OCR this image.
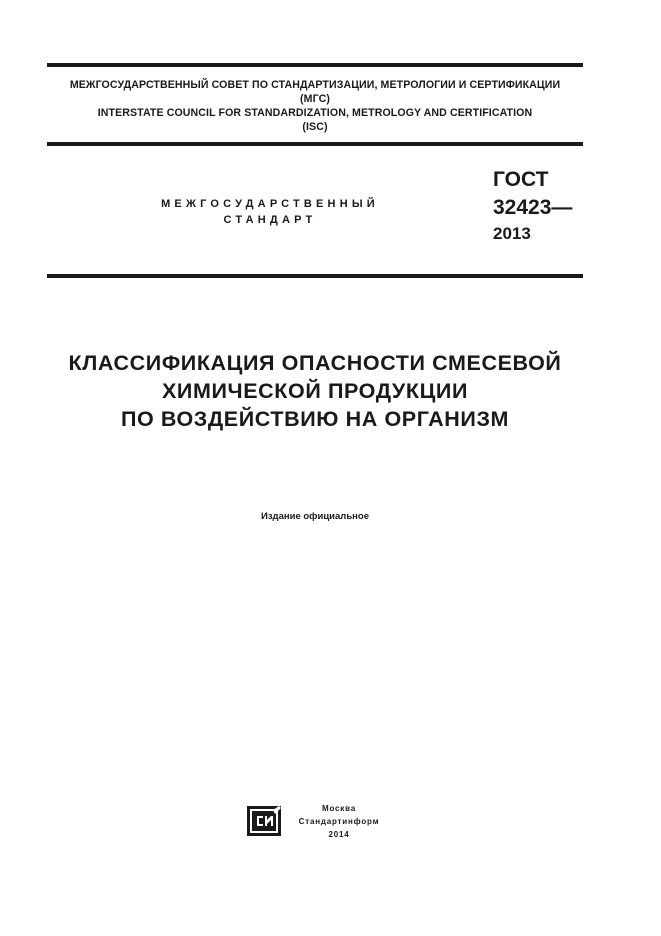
МЕЖГОСУДАРСТВЕННЫЙ СОВЕТ ПО СТАНДАРТИЗАЦИИ, МЕТРОЛОГИИ И СЕРТИФИКАЦИИ
(МГС)
INTERSTATE COUNCIL FOR STANDARDIZATION, METROLOGY AND CERTIFICATION
(ISC)
МЕЖГОСУДАРСТВЕННЫЙ
СТАНДАРТ
ГОСТ
32423—
2013
КЛАССИФИКАЦИЯ ОПАСНОСТИ СМЕСЕВОЙ
ХИМИЧЕСКОЙ ПРОДУКЦИИ
ПО ВОЗДЕЙСТВИЮ НА ОРГАНИЗМ
Издание официальное
Москва
Стандартинформ
2014
